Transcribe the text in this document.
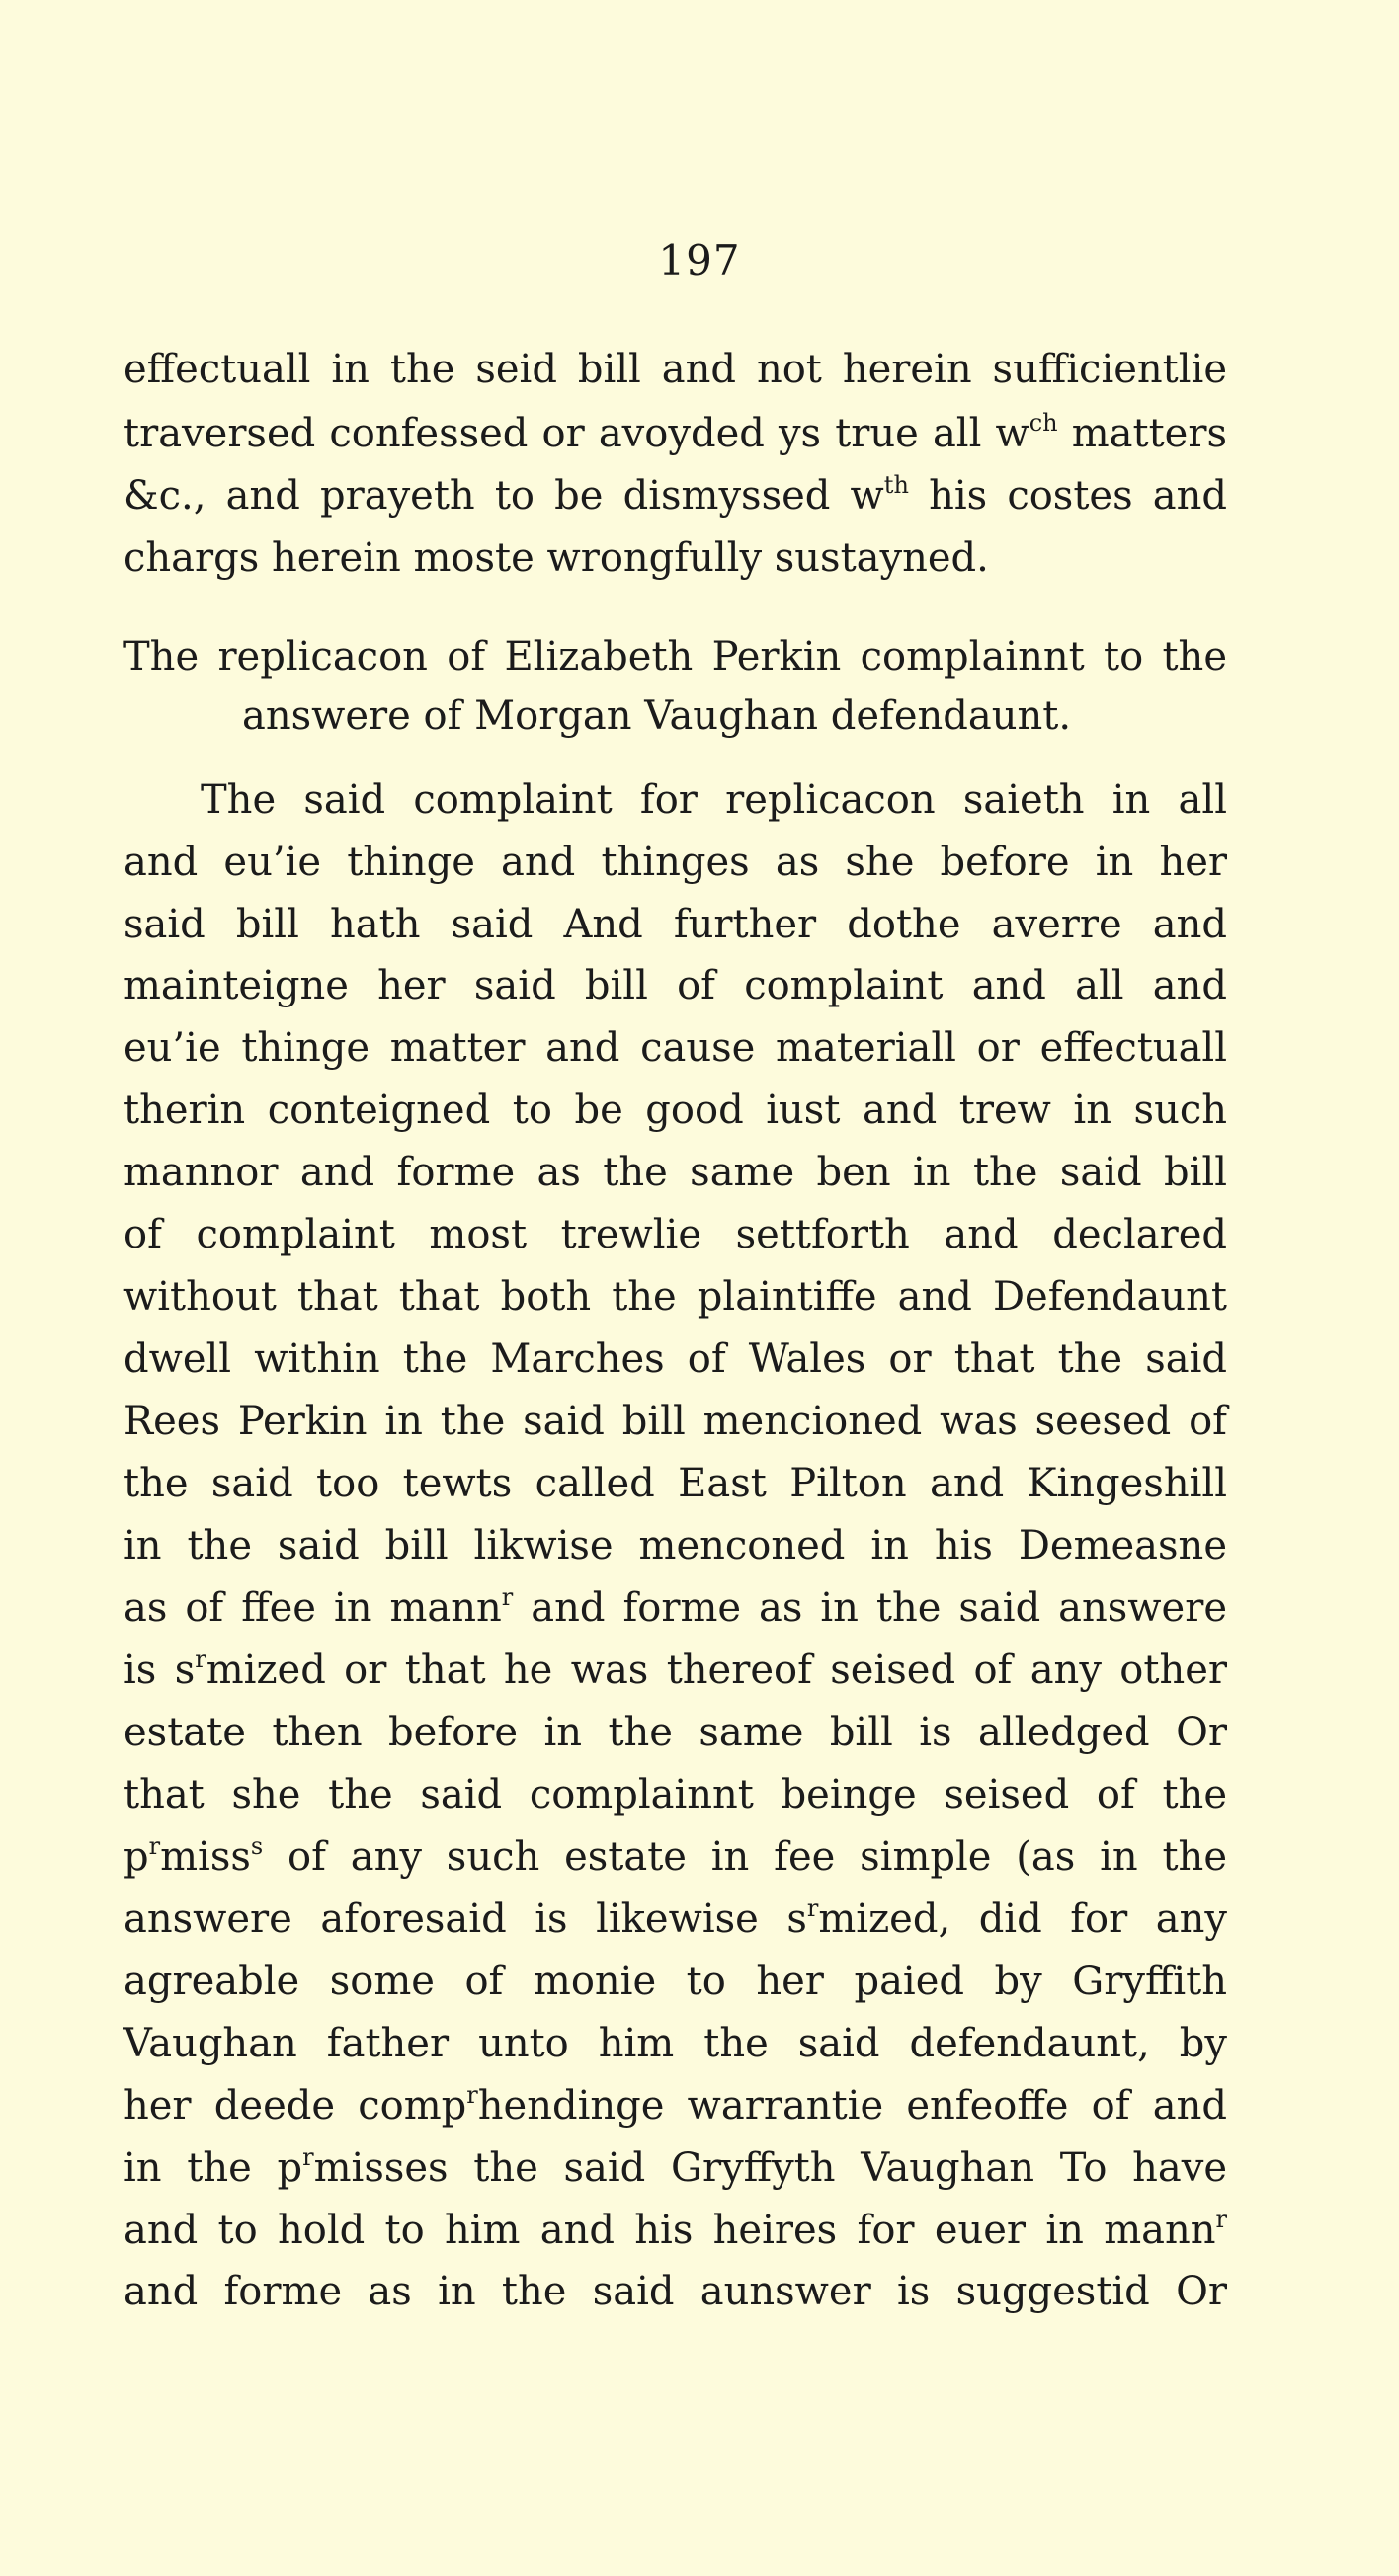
197
effectuall in the seid bill and not herein sufficientlie
traversed confessed or avoyded ys true all $w^{ch}$ matters
&c., and prayeth to be dismyssed $w^{th}$ his costes and
chargs herein moste wrongfully sustayned.
The replicacon of Elizabeth Perkin complainnt to the
answere of Morgan Vaughan defendaunt.
The said complaint for replicacon saieth in all
and eu’ie thinge and thinges as she before in her
said bill hath said And further dothe averre and
mainteigne her said bill of complaint and all and
eu’ie thinge matter and cause materiall or effectuall
therin conteigned to be good iust and trew in such
mannor and forme as the same ben in the said bill
of complaint most trewlie settforth and declared
without that that both the plaintiffe and Defendaunt
dwell within the Marches of Wales or that the said
Rees Perkin in the said bill mencioned was seesed of
the said too tewts called East Pilton and Kingeshill
in the said bill likwise menconed in his Demeasne
as of ffee in mann$^r$ and forme as in the said answere
is $s^rmized$ or that he was thereof seised of any other
estate then before in the same bill is alledged Or
that she the said complainnt beinge seised of the
$p^rmiss^s$ of any such estate in fee simple (as in the
answere aforesaid is likewise $s^rmized$, did for any
agreable some of monie to her paied by Gryffith
Vaughan father unto him the said defendaunt, by
her deede comp$^r$hendinge warrantie enfeoffe of and
in the $p^rmisses$ the said Gryffyth Vaughan To have
and to hold to him and his heires for euer in mann$^r$
and forme as in the said aunswer is suggestid Or
